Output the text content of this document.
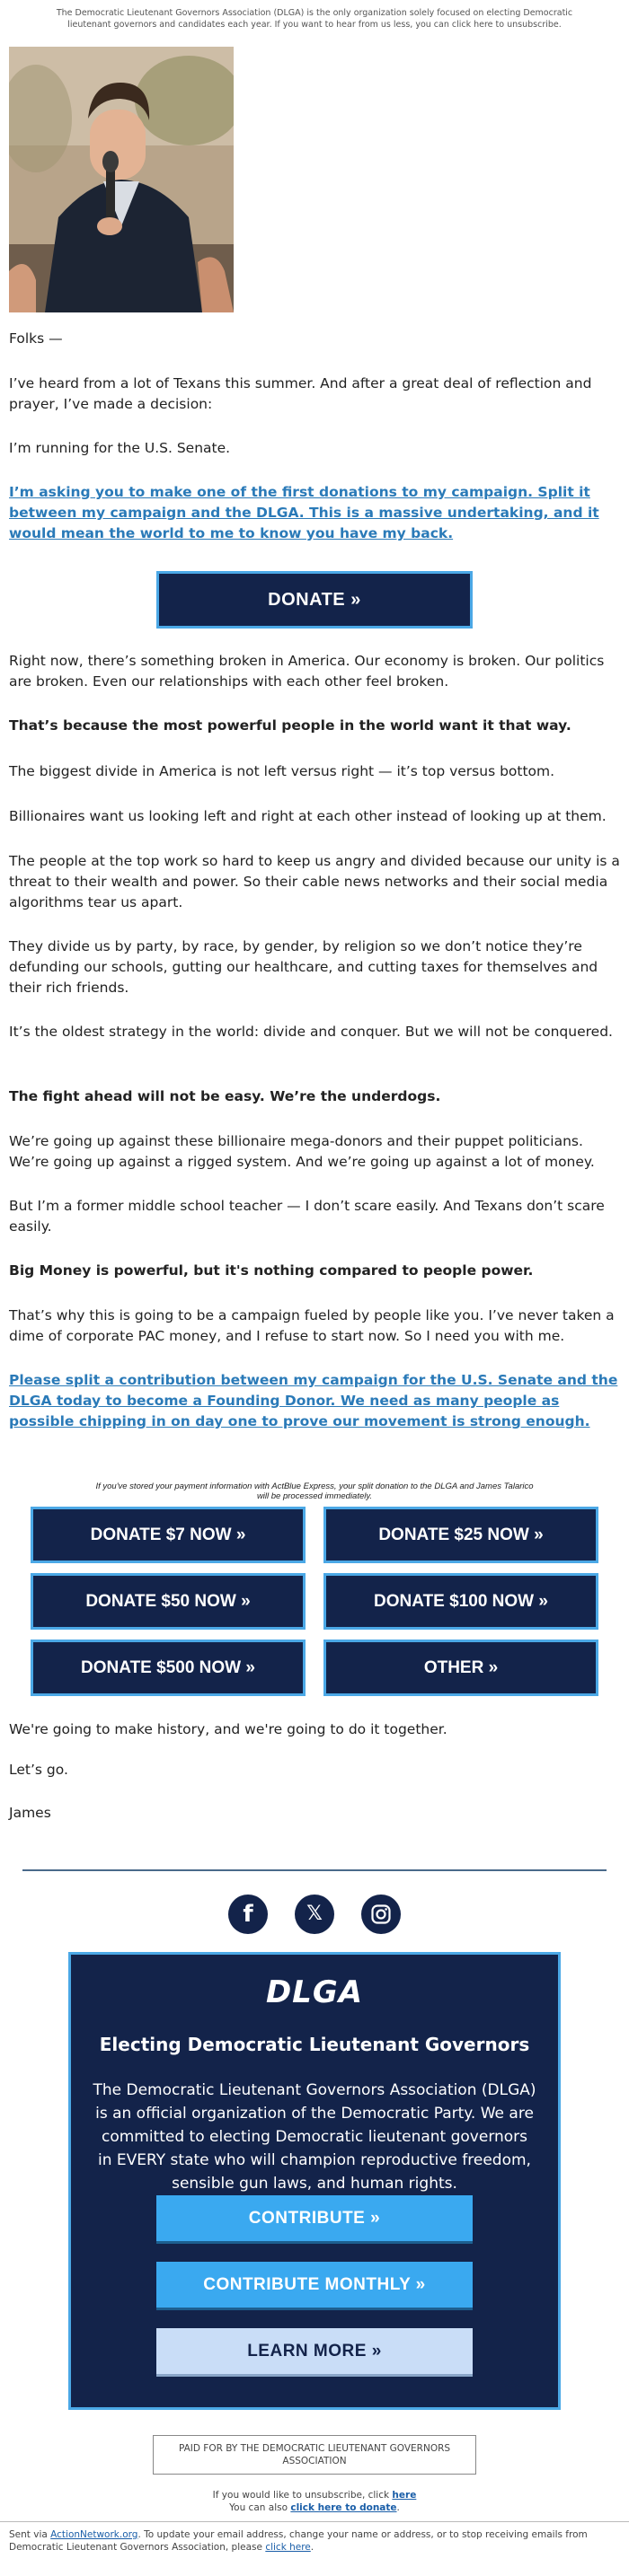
The Democratic Lieutenant Governors Association (DLGA) is the only organization solely focused on electing Democratic lieutenant governors and candidates each year. If you want to hear from us less, you can click here to unsubscribe.

Folks —

I’ve heard from a lot of Texans this summer. And after a great deal of reflection and prayer, I’ve made a decision:

I’m running for the U.S. Senate.

I’m asking you to make one of the first donations to my campaign. Split it between my campaign and the DLGA. This is a massive undertaking, and it would mean the world to me to know you have my back.

DONATE »

Right now, there’s something broken in America. Our economy is broken. Our politics are broken. Even our relationships with each other feel broken.

That’s because the most powerful people in the world want it that way.

The biggest divide in America is not left versus right — it’s top versus bottom.

Billionaires want us looking left and right at each other instead of looking up at them.

The people at the top work so hard to keep us angry and divided because our unity is a threat to their wealth and power. So their cable news networks and their social media algorithms tear us apart.

They divide us by party, by race, by gender, by religion so we don’t notice they’re defunding our schools, gutting our healthcare, and cutting taxes for themselves and their rich friends.

It’s the oldest strategy in the world: divide and conquer. But we will not be conquered.

The fight ahead will not be easy. We’re the underdogs.

We’re going up against these billionaire mega-donors and their puppet politicians. We’re going up against a rigged system. And we’re going up against a lot of money.

But I’m a former middle school teacher — I don’t scare easily. And Texans don’t scare easily.

Big Money is powerful, but it's nothing compared to people power.

That’s why this is going to be a campaign fueled by people like you. I’ve never taken a dime of corporate PAC money, and I refuse to start now. So I need you with me.

Please split a contribution between my campaign for the U.S. Senate and the DLGA today to become a Founding Donor. We need as many people as possible chipping in on day one to prove our movement is strong enough.

If you've stored your payment information with ActBlue Express, your split donation to the DLGA and James Talarico will be processed immediately.
DONATE $7 NOW »	DONATE $25 NOW »
DONATE $50 NOW »	DONATE $100 NOW »
DONATE $500 NOW »	OTHER »

We're going to make history, and we're going to do it together.

Let’s go.

James

f	𝕏
DLGA
Electing Democratic Lieutenant Governors
The Democratic Lieutenant Governors Association (DLGA) is an official organization of the Democratic Party. We are committed to electing Democratic lieutenant governors in EVERY state who will champion reproductive freedom, sensible gun laws, and human rights.
CONTRIBUTE »
CONTRIBUTE MONTHLY »
LEARN MORE »
PAID FOR BY THE DEMOCRATIC LIEUTENANT GOVERNORS ASSOCIATION
If you would like to unsubscribe, click here
You can also click here to donate.
Sent via ActionNetwork.org. To update your email address, change your name or address, or to stop receiving emails from Democratic Lieutenant Governors Association, please click here.
